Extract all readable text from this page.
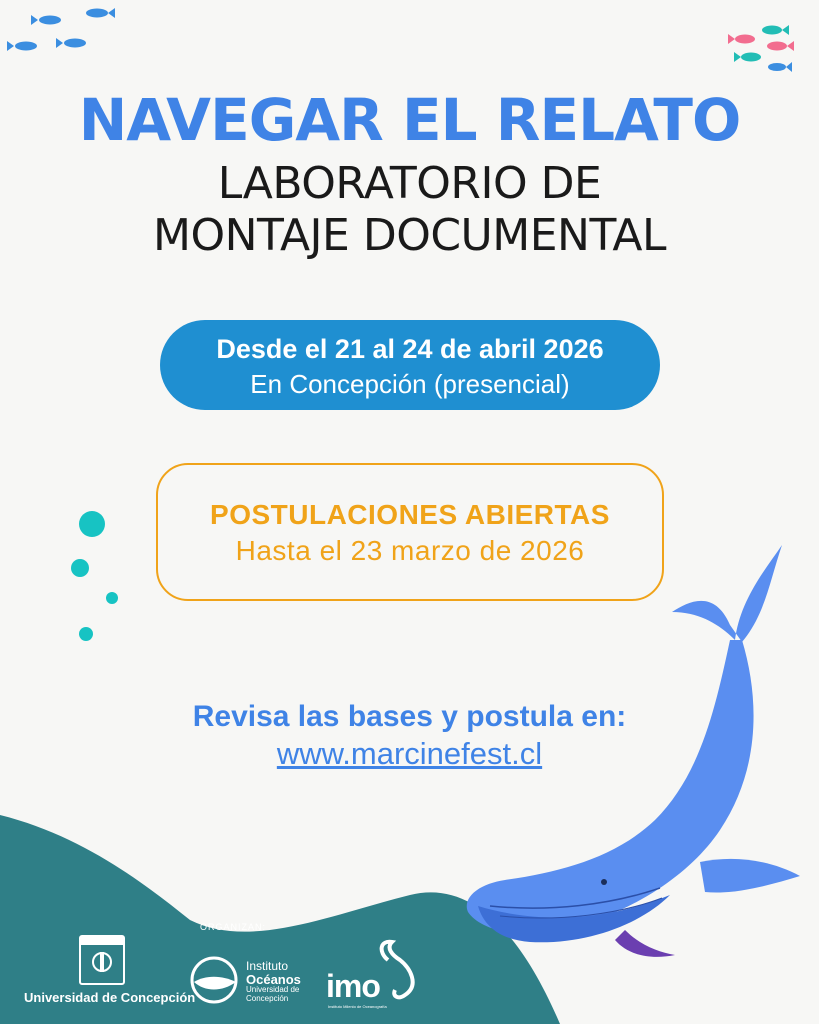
NAVEGAR EL RELATO
LABORATORIO DE
MONTAJE DOCUMENTAL
Desde el 21 al 24 de abril 2026
En Concepción (presencial)
POSTULACIONES ABIERTAS
Hasta el 23 marzo de 2026
Revisa las bases y postula en:
www.marcinefest.cl
ORGANIZAN:
Universidad de Concepción
Instituto
Océanos
Universidad de
Concepción	imo
Instituto Milenio de Oceanografía
